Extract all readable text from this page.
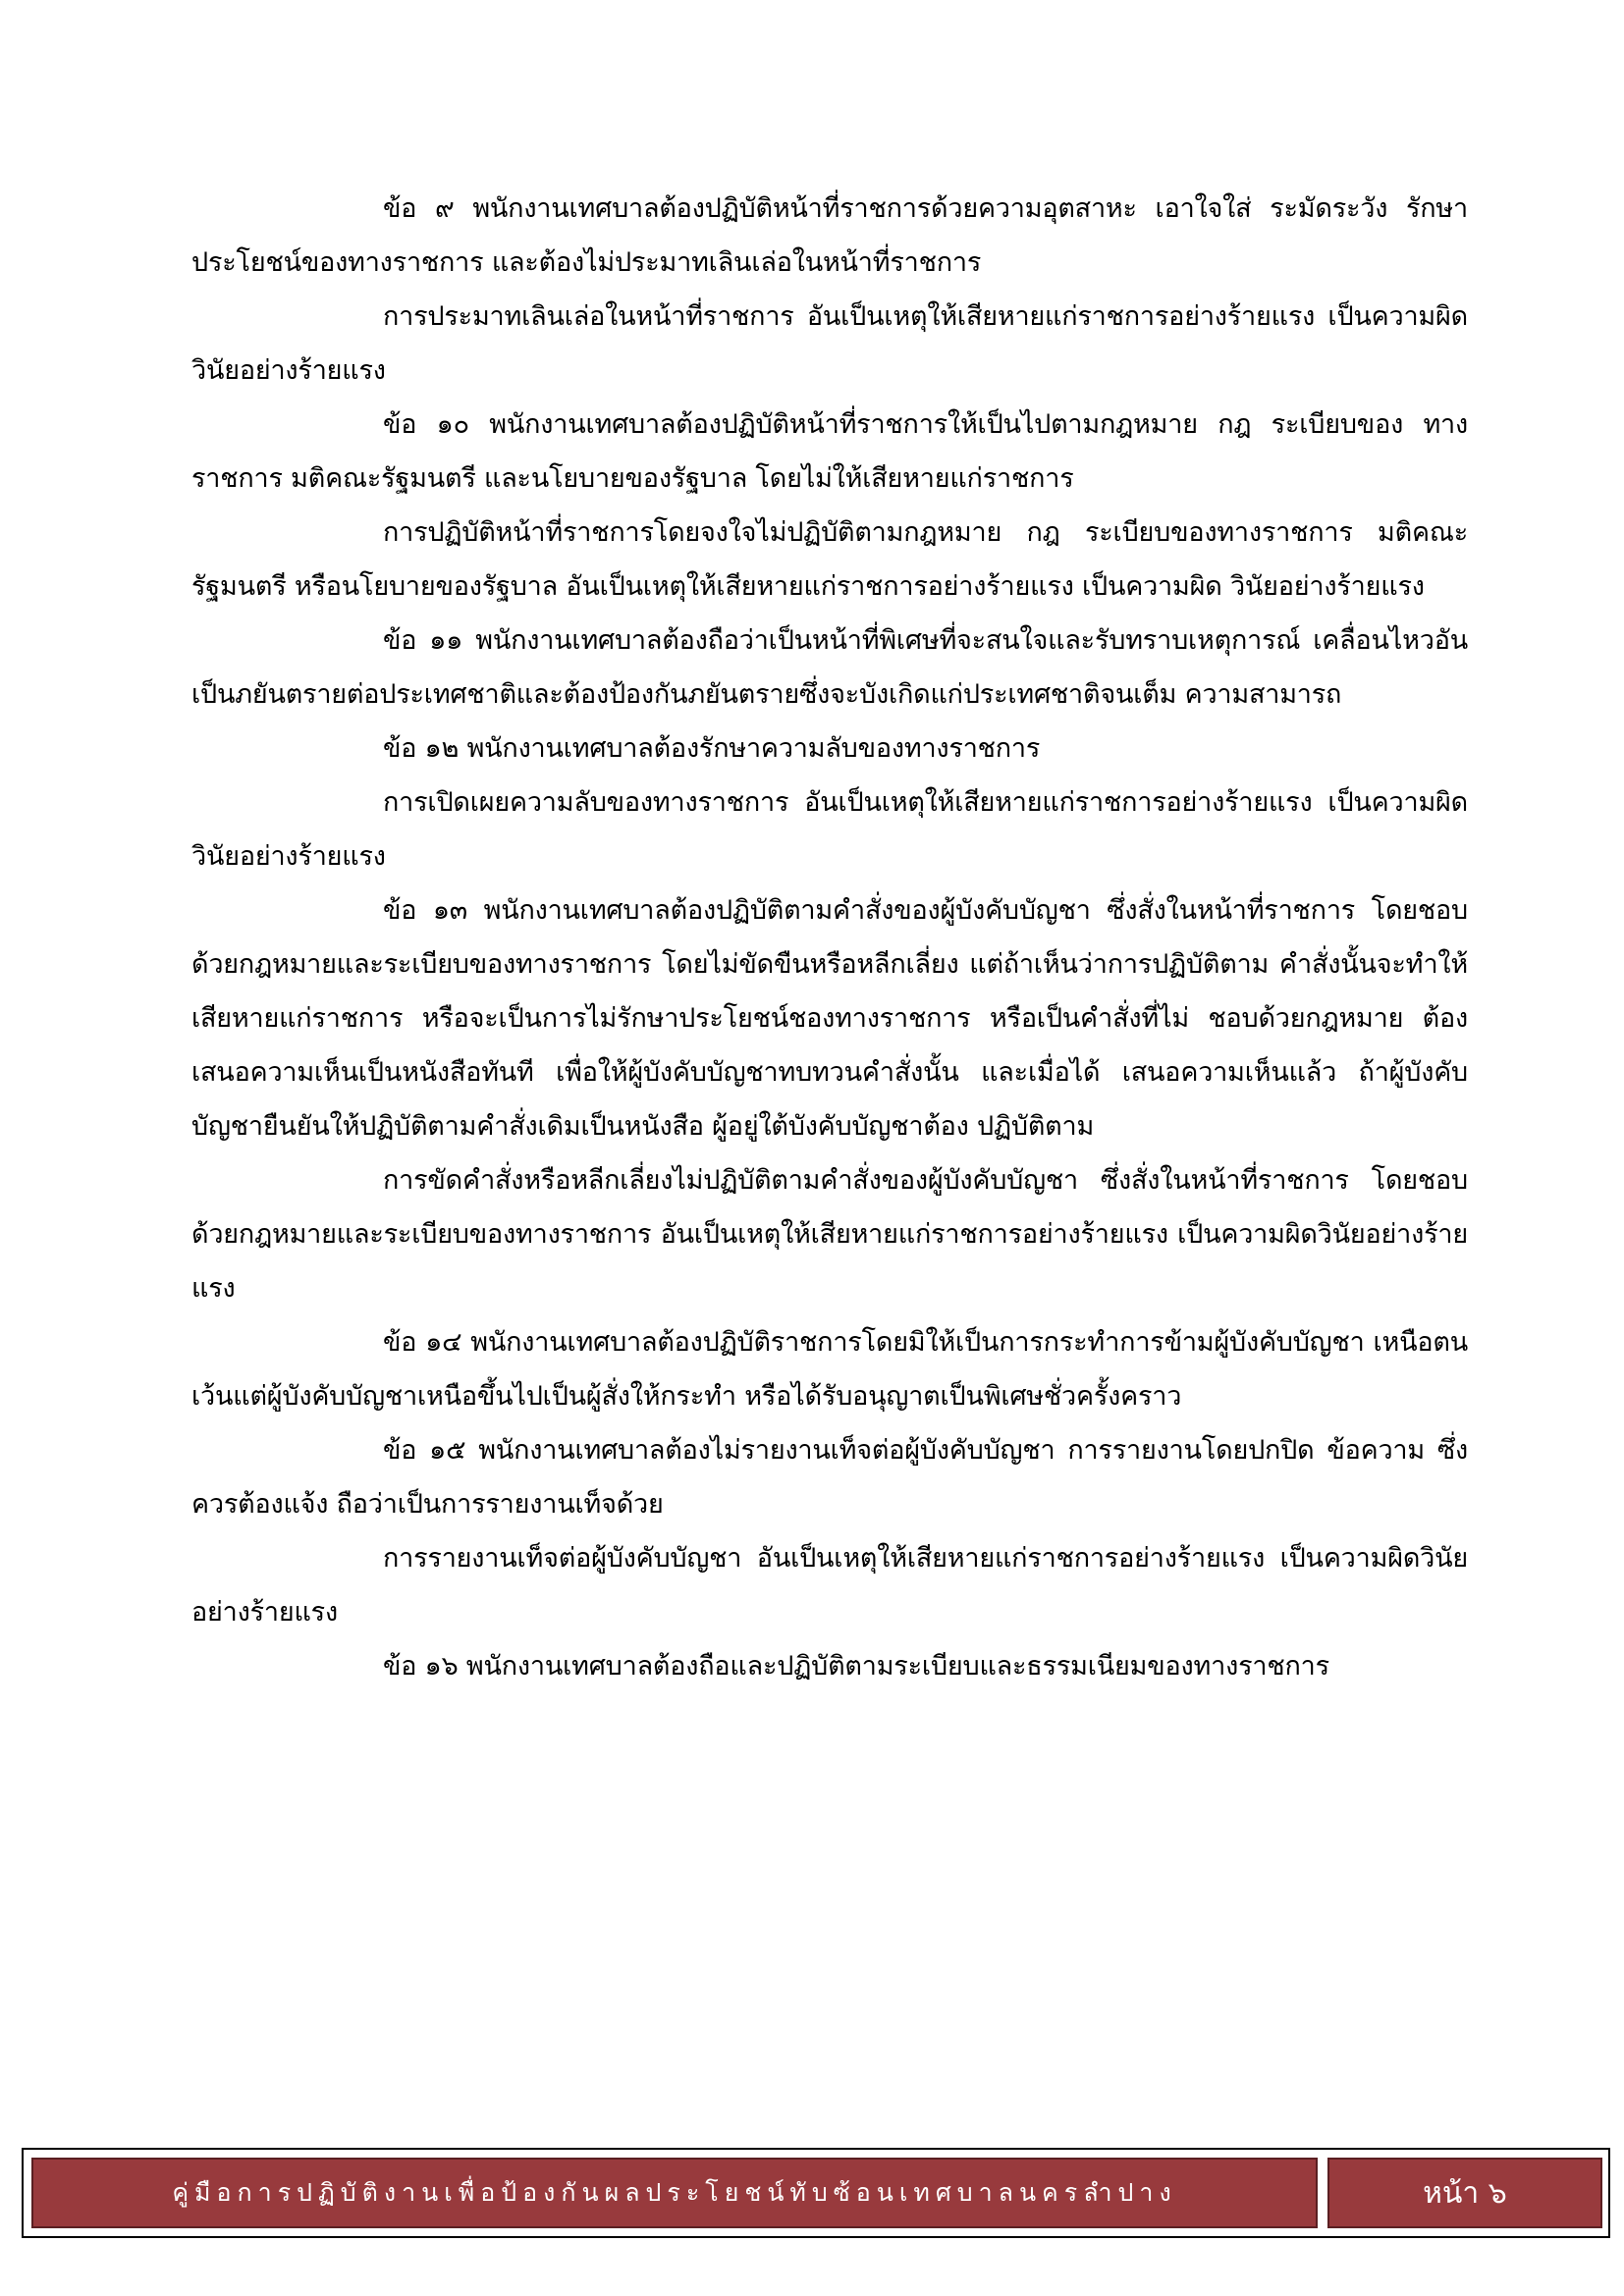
ข้อ ๙ พนักงานเทศบาลต้องปฏิบัติหน้าที่ราชการด้วยความอุตสาหะ เอาใจใส่ ระมัดระวัง รักษาประโยชน์ของทางราชการ และต้องไม่ประมาทเลินเล่อในหน้าที่ราชการ

การประมาทเลินเล่อในหน้าที่ราชการ อันเป็นเหตุให้เสียหายแก่ราชการอย่างร้ายแรง เป็นความผิดวินัยอย่างร้ายแรง

ข้อ ๑๐ พนักงานเทศบาลต้องปฏิบัติหน้าที่ราชการให้เป็นไปตามกฎหมาย กฎ ระเบียบของ ทางราชการ มติคณะรัฐมนตรี และนโยบายของรัฐบาล โดยไม่ให้เสียหายแก่ราชการ

การปฏิบัติหน้าที่ราชการโดยจงใจไม่ปฏิบัติตามกฎหมาย กฎ ระเบียบของทางราชการ มติคณะรัฐมนตรี หรือนโยบายของรัฐบาล อันเป็นเหตุให้เสียหายแก่ราชการอย่างร้ายแรง เป็นความผิด วินัยอย่างร้ายแรง

ข้อ ๑๑ พนักงานเทศบาลต้องถือว่าเป็นหน้าที่พิเศษที่จะสนใจและรับทราบเหตุการณ์ เคลื่อนไหวอันเป็นภยันตรายต่อประเทศชาติและต้องป้องกันภยันตรายซึ่งจะบังเกิดแก่ประเทศชาติจนเต็ม ความสามารถ

ข้อ ๑๒ พนักงานเทศบาลต้องรักษาความลับของทางราชการ

การเปิดเผยความลับของทางราชการ อันเป็นเหตุให้เสียหายแก่ราชการอย่างร้ายแรง เป็นความผิดวินัยอย่างร้ายแรง

ข้อ ๑๓ พนักงานเทศบาลต้องปฏิบัติตามคำสั่งของผู้บังคับบัญชา ซึ่งสั่งในหน้าที่ราชการ โดยชอบด้วยกฎหมายและระเบียบของทางราชการ โดยไม่ขัดขืนหรือหลีกเลี่ยง แต่ถ้าเห็นว่าการปฏิบัติตาม คำสั่งนั้นจะทำให้เสียหายแก่ราชการ หรือจะเป็นการไม่รักษาประโยชน์ชองทางราชการ หรือเป็นคำสั่งที่ไม่ ชอบด้วยกฎหมาย ต้องเสนอความเห็นเป็นหนังสือทันที เพื่อให้ผู้บังคับบัญชาทบทวนคำสั่งนั้น และเมื่อได้ เสนอความเห็นแล้ว ถ้าผู้บังคับบัญชายืนยันให้ปฏิบัติตามคำสั่งเดิมเป็นหนังสือ ผู้อยู่ใต้บังคับบัญชาต้อง ปฏิบัติตาม

การขัดคำสั่งหรือหลีกเลี่ยงไม่ปฏิบัติตามคำสั่งของผู้บังคับบัญชา ซึ่งสั่งในหน้าที่ราชการ โดยชอบด้วยกฎหมายและระเบียบของทางราชการ อันเป็นเหตุให้เสียหายแก่ราชการอย่างร้ายแรง เป็นความผิดวินัยอย่างร้ายแรง

ข้อ ๑๔ พนักงานเทศบาลต้องปฏิบัติราชการโดยมิให้เป็นการกระทำการข้ามผู้บังคับบัญชา เหนือตน เว้นแต่ผู้บังคับบัญชาเหนือขึ้นไปเป็นผู้สั่งให้กระทำ หรือได้รับอนุญาตเป็นพิเศษชั่วครั้งคราว

ข้อ ๑๕ พนักงานเทศบาลต้องไม่รายงานเท็จต่อผู้บังคับบัญชา การรายงานโดยปกปิด ข้อความ ซึ่งควรต้องแจ้ง ถือว่าเป็นการรายงานเท็จด้วย

การรายงานเท็จต่อผู้บังคับบัญชา อันเป็นเหตุให้เสียหายแก่ราชการอย่างร้ายแรง เป็นความผิดวินัยอย่างร้ายแรง

ข้อ ๑๖ พนักงานเทศบาลต้องถือและปฏิบัติตามระเบียบและธรรมเนียมของทางราชการ

คู่มือการปฏิบัติงานเพื่อป้องกันผลประโยชน์ทับซ้อนเทศบาลนครลำปาง	หน้า ๖
